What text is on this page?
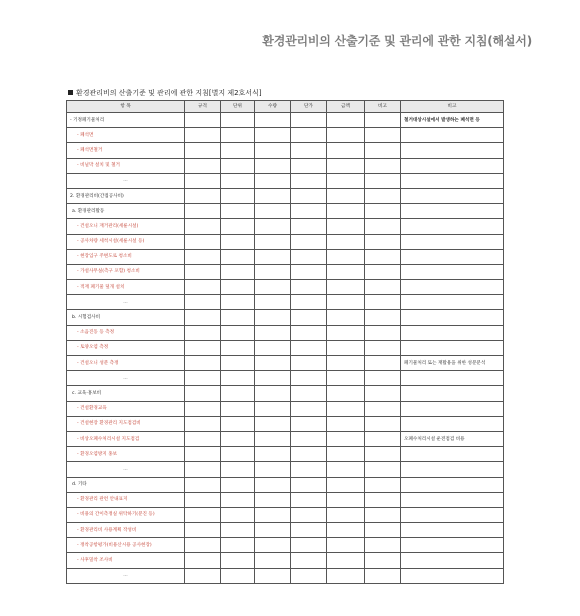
환경관리비의 산출기준 및 관리에 관한 지침(해설서)
환경관리비의 산출기준 및 관리에 관한 지침[별지 제2호서식]
항 목	규격	단위	수량	단가	금액	비고	비고
- 기정폐기물처리							철거대상시설에서 발생하는 폐석면 등
- 폐석면							
- 폐석면철거							
- 비닐막 설치 및 철거							
...							
2. 환경관리비(간접공사비)							
a. 환경관리활동							
- 건설오니 재거관리(세륜시설)							
- 공사차량 세척시설(세륜시설 등)							
- 현장입구 주변도로 청소비							
- 가설사무실(측구 포함) 청소비							
- 적재 폐기물 덮개 설치							
...							
b. 시험검사비							
- 소음진동 등 측정							
- 토양오염 측정							
- 건설오니 성분 측정							폐기물처리 또는 재활용을 위한 성분분석
...							
c. 교육·홍보비							
- 건설환경교육							
- 건설현장 환경관리 지도점검비							
- 비상오폐수처리시설 지도점검							오폐수처리시설 운전점검 비용
- 환경오염방지 홍보							
...							
d. 기타							
- 환경관리 관련 안내표지							
- 비용의 간이측정실 위탁하기(분진 등)							
- 환경관리비 사용계획 작성비							
- 정착공항평가(비용산시용 공사현장)							
- 사후밀착 조사비							
...							
